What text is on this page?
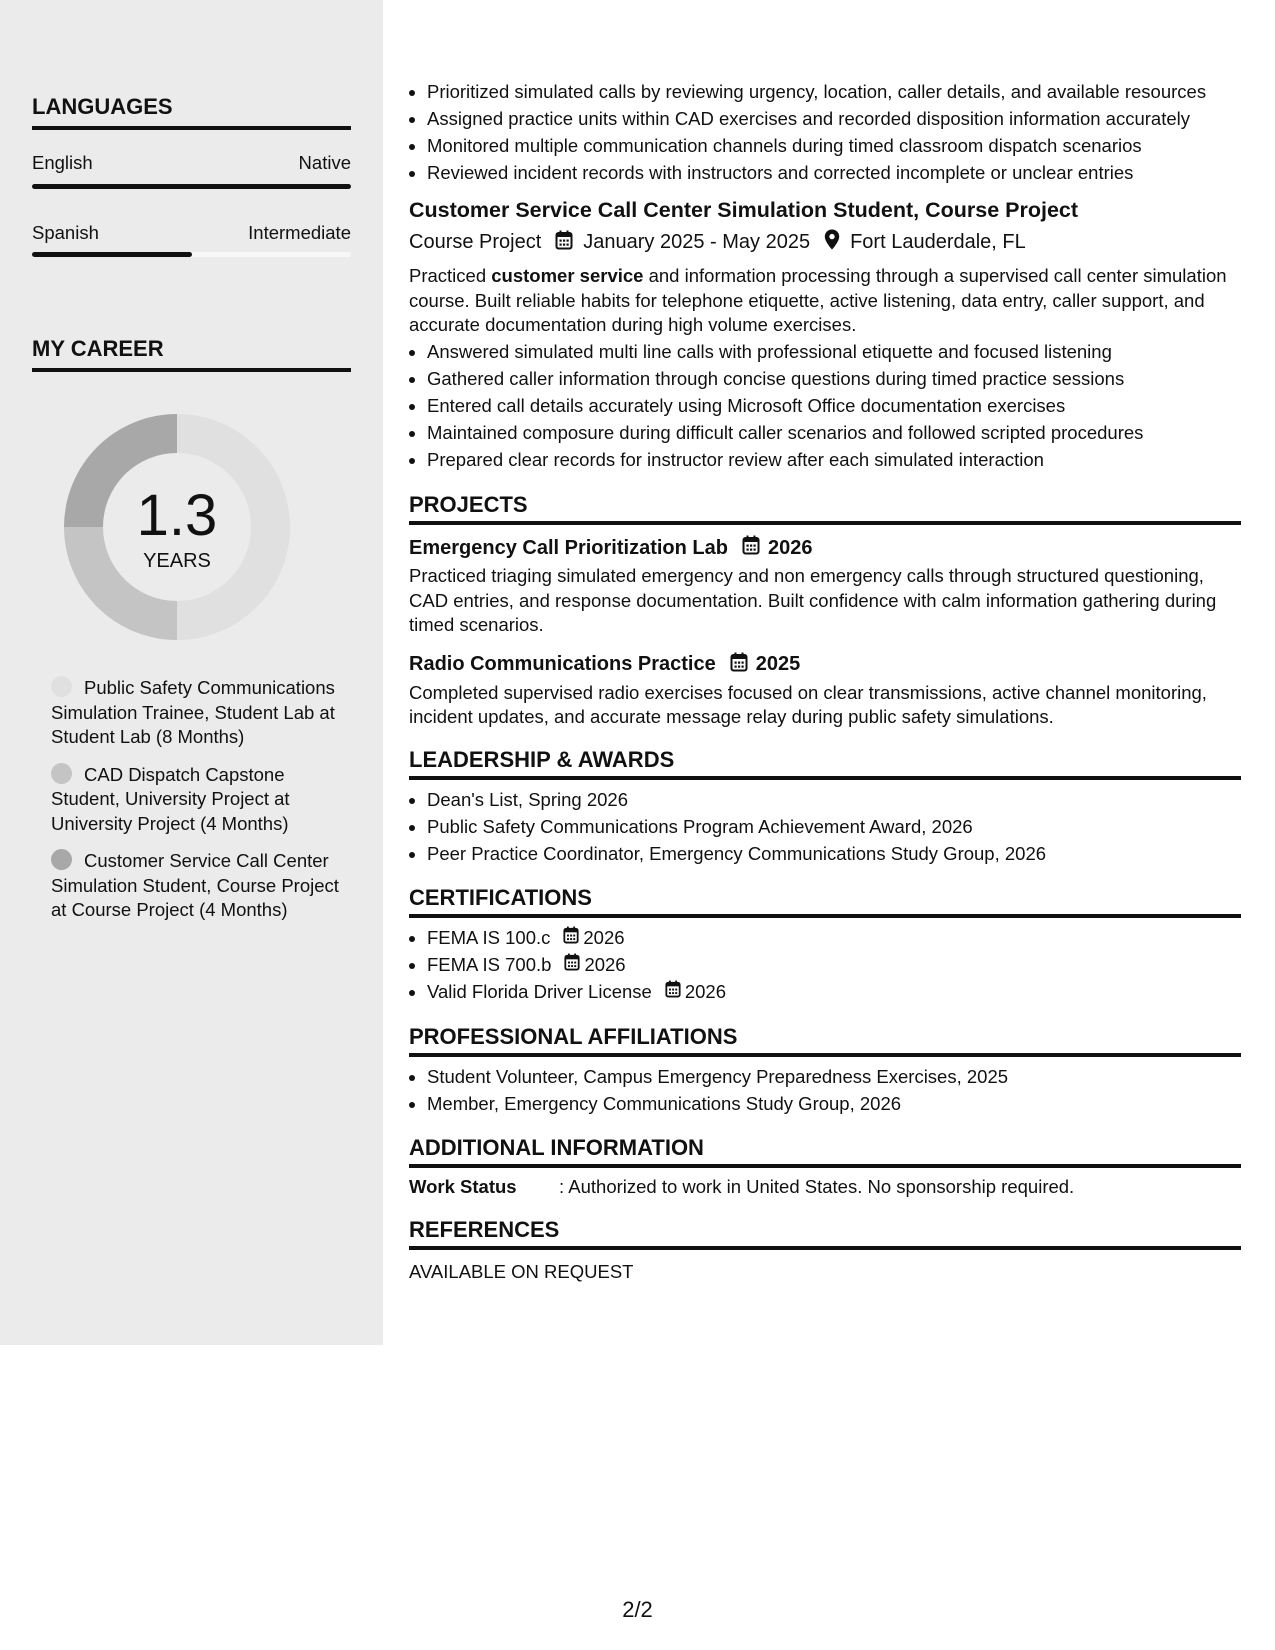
LANGUAGES
English	Native
Spanish	Intermediate
MY CAREER
1.3
YEARS
Public Safety Communications Simulation Trainee, Student Lab at Student Lab (8 Months)
CAD Dispatch Capstone Student, University Project at University Project (4 Months)
Customer Service Call Center Simulation Student, Course Project at Course Project (4 Months)
• Prioritized simulated calls by reviewing urgency, location, caller details, and available resources
• Assigned practice units within CAD exercises and recorded disposition information accurately
• Monitored multiple communication channels during timed classroom dispatch scenarios
• Reviewed incident records with instructors and corrected incomplete or unclear entries
Customer Service Call Center Simulation Student, Course Project
Course Project January 2025 - May 2025 Fort Lauderdale, FL

Practiced customer service and information processing through a supervised call center simulation course. Built reliable habits for telephone etiquette, active listening, data entry, caller support, and accurate documentation during high volume exercises.

• Answered simulated multi line calls with professional etiquette and focused listening
• Gathered caller information through concise questions during timed practice sessions
• Entered call details accurately using Microsoft Office documentation exercises
• Maintained composure during difficult caller scenarios and followed scripted procedures
• Prepared clear records for instructor review after each simulated interaction
PROJECTS
Emergency Call Prioritization Lab 2026

Practiced triaging simulated emergency and non emergency calls through structured questioning, CAD entries, and response documentation. Built confidence with calm information gathering during timed scenarios.

Radio Communications Practice 2025

Completed supervised radio exercises focused on clear transmissions, active channel monitoring, incident updates, and accurate message relay during public safety simulations.

LEADERSHIP & AWARDS
• Dean's List, Spring 2026
• Public Safety Communications Program Achievement Award, 2026
• Peer Practice Coordinator, Emergency Communications Study Group, 2026
CERTIFICATIONS
• FEMA IS 100.c 2026
• FEMA IS 700.b 2026
• Valid Florida Driver License 2026
PROFESSIONAL AFFILIATIONS
• Student Volunteer, Campus Emergency Preparedness Exercises, 2025
• Member, Emergency Communications Study Group, 2026
ADDITIONAL INFORMATION
Work Status	: Authorized to work in United States. No sponsorship required.
REFERENCES
AVAILABLE ON REQUEST
2/2
